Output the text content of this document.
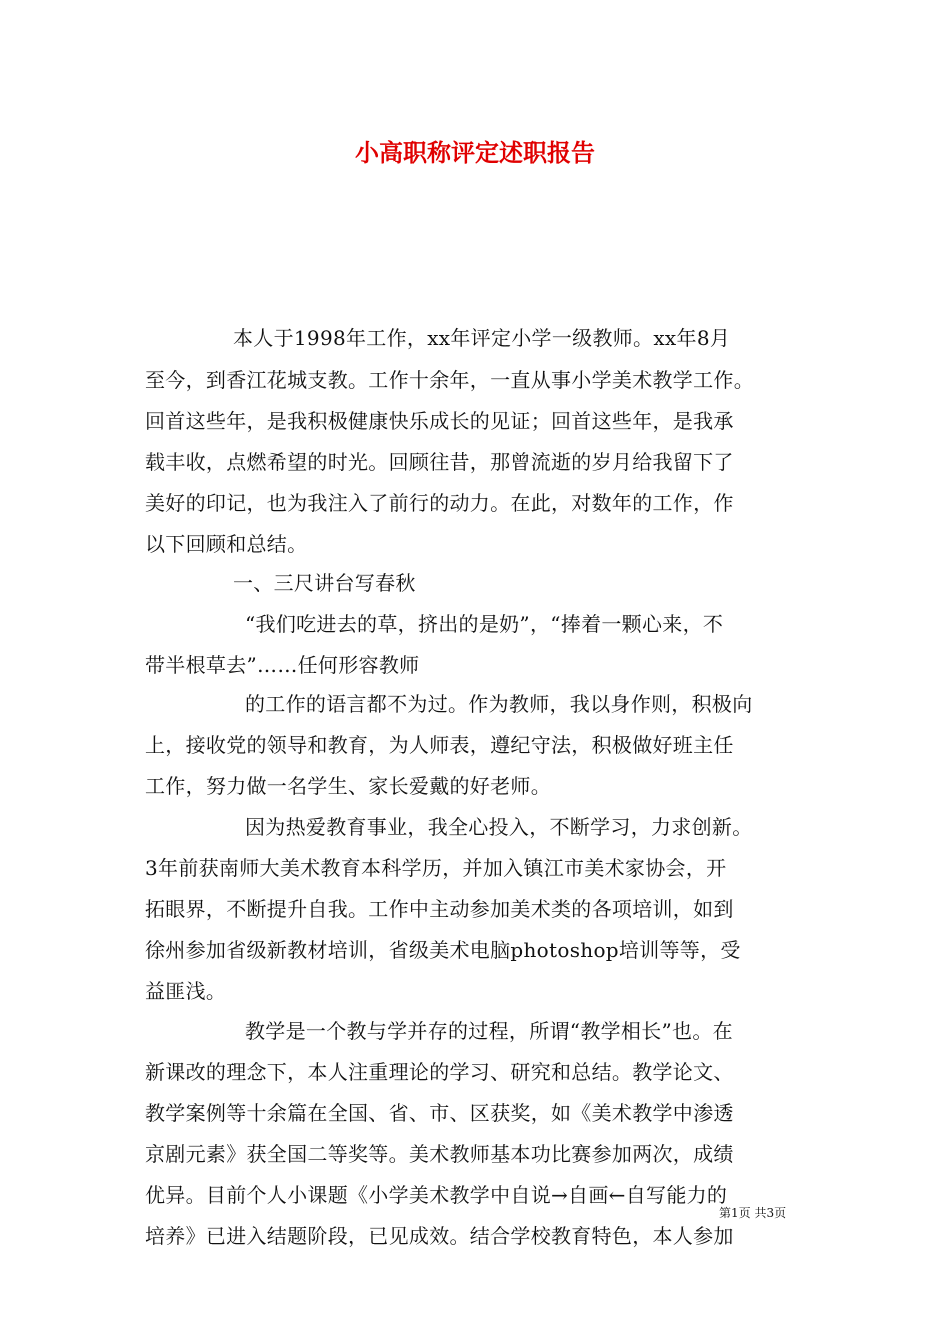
小高职称评定述职报告
本人于1998年工作，xx年评定小学一级教师。xx年8月
至今，到香江花城支教。工作十余年，一直从事小学美术教学工作。
回首这些年，是我积极健康快乐成长的见证；回首这些年，是我承
载丰收，点燃希望的时光。回顾往昔，那曾流逝的岁月给我留下了
美好的印记，也为我注入了前行的动力。在此，对数年的工作，作
以下回顾和总结。
一、三尺讲台写春秋
“我们吃进去的草，挤出的是奶”，“捧着一颗心来，不
带半根草去”……任何形容教师
的工作的语言都不为过。作为教师，我以身作则，积极向
上，接收党的领导和教育，为人师表，遵纪守法，积极做好班主任
工作，努力做一名学生、家长爱戴的好老师。
因为热爱教育事业，我全心投入，不断学习，力求创新。
3年前获南师大美术教育本科学历，并加入镇江市美术家协会，开
拓眼界，不断提升自我。工作中主动参加美术类的各项培训，如到
徐州参加省级新教材培训，省级美术电脑photoshop培训等等，受
益匪浅。
教学是一个教与学并存的过程，所谓“教学相长”也。在
新课改的理念下，本人注重理论的学习、研究和总结。教学论文、
教学案例等十余篇在全国、省、市、区获奖，如《美术教学中渗透
京剧元素》获全国二等奖等。美术教师基本功比赛参加两次，成绩
优异。目前个人小课题《小学美术教学中自说→自画←自写能力的
培养》已进入结题阶段，已见成效。结合学校教育特色，本人参加
第1页 共3页
